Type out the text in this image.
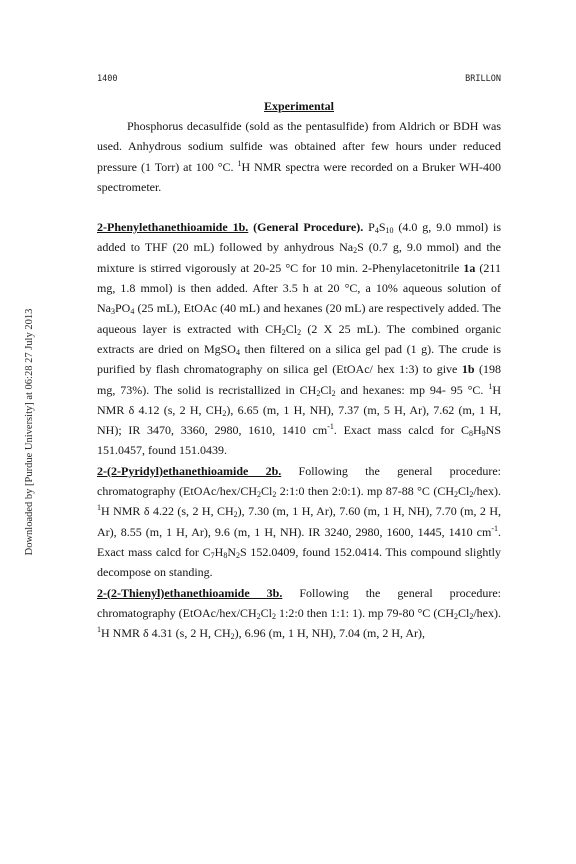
1400	BRILLON
Downloaded by [Purdue University] at 06:28 27 July 2013
Experimental

Phosphorus decasulfide (sold as the pentasulfide) from Aldrich or BDH was used. Anhydrous sodium sulfide was obtained after few hours under reduced pressure (1 Torr) at 100 °C. $^1$H NMR spectra were recorded on a Bruker WH-400 spectrometer.

2-Phenylethanethioamide 1b. (General Procedure). $P_4S_{10}$ (4.0 g, 9.0 mmol) is added to THF (20 mL) followed by anhydrous $Na_2S$ (0.7 g, 9.0 mmol) and the mixture is stirred vigorously at 20-25 °C for 10 min. 2-Phenylacetonitrile 1a (211 mg, 1.8 mmol) is then added. After 3.5 h at 20 °C, a 10% aqueous solution of $Na_3PO_4$ (25 mL), EtOAc (40 mL) and hexanes (20 mL) are respectively added. The aqueous layer is extracted with $CH_2Cl_2$ (2 X 25 mL). The combined organic extracts are dried on MgSO$_4$ then filtered on a silica gel pad (1 g). The crude is purified by flash chromatography on silica gel (EtOAc/ hex 1:3) to give 1b (198 mg, 73%). The solid is recristallized in $CH_2Cl_2$ and hexanes: mp 94- 95 °C. $^1$H NMR δ 4.12 (s, 2 H, $CH_2$), 6.65 (m, 1 H, NH), 7.37 (m, 5 H, Ar), 7.62 (m, 1 H, NH); IR 3470, 3360, 2980, 1610, 1410 $cm^{-1}$. Exact mass calcd for $C_8H_9NS$ 151.0457, found 151.0439.

2-(2-Pyridyl)ethanethioamide 2b. Following the general procedure: chromatography ($EtOAc/hex/CH_2Cl_2$ 2:1:0 then 2:0:1). mp 87-88 °C $(CH_2Cl_2/hex)$. $^1$H NMR δ 4.22 (s, 2 H, $CH_2$), 7.30 (m, 1 H, Ar), 7.60 (m, 1 H, NH), 7.70 (m, 2 H, Ar), 8.55 (m, 1 H, Ar), 9.6 (m, 1 H, NH). IR 3240, 2980, 1600, 1445, 1410 $cm^{-1}$. Exact mass calcd for $C_7H_8N_2S$ 152.0409, found 152.0414. This compound slightly decompose on standing.

2-(2-Thienyl)ethanethioamide 3b. Following the general procedure: chromatography ($EtOAc/hex/CH_2Cl_2$ 1:2:0 then 1:1: 1). mp 79-80 °C $(CH_2Cl_2/hex)$. $^1$H NMR δ 4.31 (s, 2 H, $CH_2$), 6.96 (m, 1 H, NH), 7.04 (m, 2 H, Ar),
